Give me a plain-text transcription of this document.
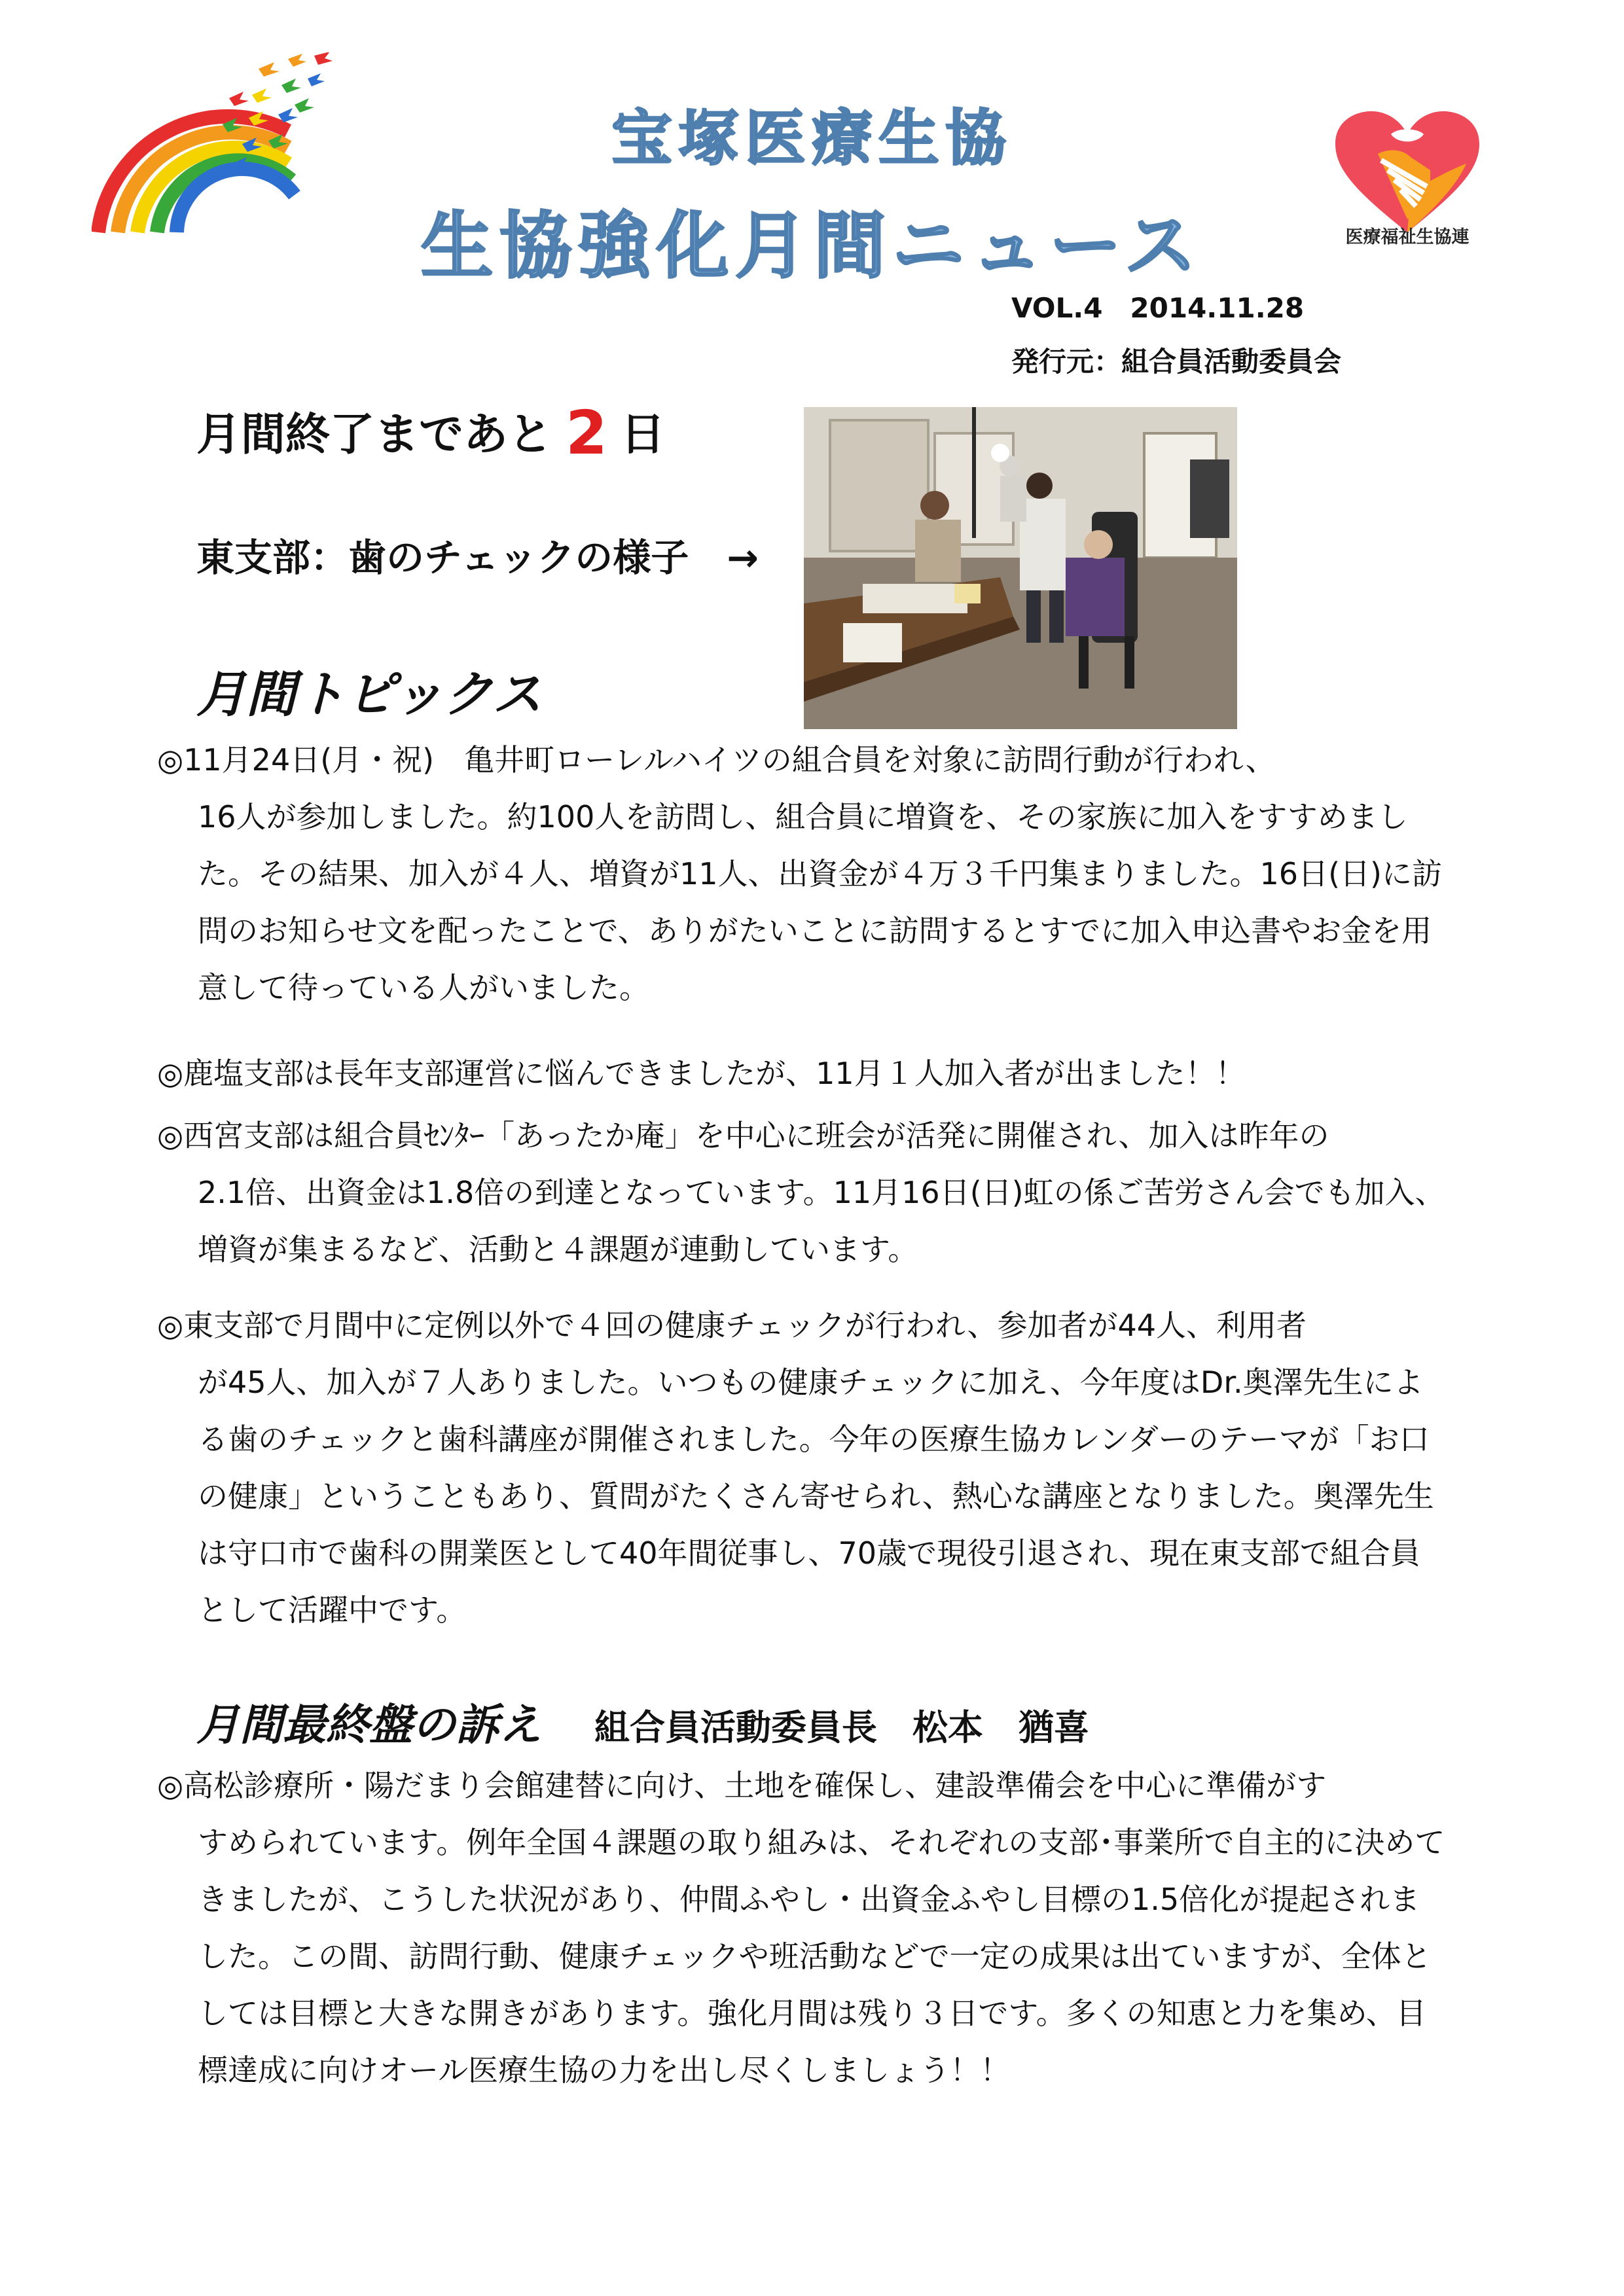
宝塚医療生協
生協強化月間ニュース	医療福祉生協連
VOL.4　2014.11.28
発行元：組合員活動委員会
月間終了まであと 2 日
東支部：歯のチェックの様子　→
月間トピックス
◎11月24日(月・祝)　亀井町ローレルハイツの組合員を対象に訪問行動が行われ、
16人が参加しました。約100人を訪問し、組合員に増資を、その家族に加入をすすめました。その結果、加入が４人、増資が11人、出資金が４万３千円集まりました。16日(日)に訪問のお知らせ文を配ったことで、ありがたいことに訪問するとすでに加入申込書やお金を用意して待っている人がいました。
◎鹿塩支部は長年支部運営に悩んできましたが、11月１人加入者が出ました！！
◎西宮支部は組合員ｾﾝﾀｰ「あったか庵」を中心に班会が活発に開催され、加入は昨年の
2.1倍、出資金は1.8倍の到達となっています。11月16日(日)虹の係ご苦労さん会でも加入、増資が集まるなど、活動と４課題が連動しています。
◎東支部で月間中に定例以外で４回の健康チェックが行われ、参加者が44人、利用者
が45人、加入が７人ありました。いつもの健康チェックに加え、今年度はDr.奥澤先生による歯のチェックと歯科講座が開催されました。今年の医療生協カレンダーのテーマが「お口の健康」ということもあり、質問がたくさん寄せられ、熱心な講座となりました。奥澤先生は守口市で歯科の開業医として40年間従事し、70歳で現役引退され、現在東支部で組合員として活躍中です。
月間最終盤の訴え 組合員活動委員長　松本　猶喜
◎高松診療所・陽だまり会館建替に向け、土地を確保し、建設準備会を中心に準備がす
すめられています。例年全国４課題の取り組みは、それぞれの支部･事業所で自主的に決めてきましたが、こうした状況があり、仲間ふやし・出資金ふやし目標の1.5倍化が提起されました。この間、訪問行動、健康チェックや班活動などで一定の成果は出ていますが、全体としては目標と大きな開きがあります。強化月間は残り３日です。多くの知恵と力を集め、目標達成に向けオール医療生協の力を出し尽くしましょう！！
